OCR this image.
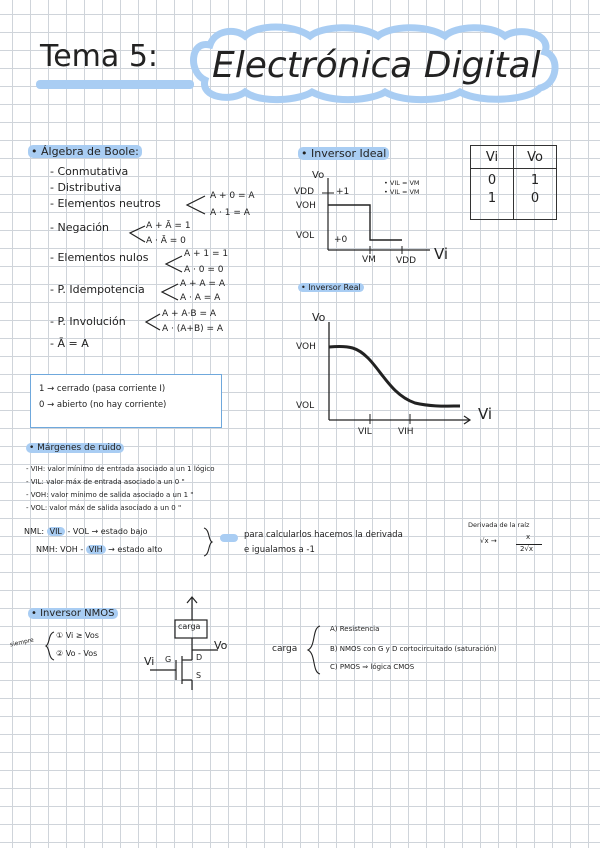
Tema 5: Electrónica Digital
• Álgebra de Boole:
- Conmutativa
- Distributiva
- Elementos neutros
- Negación
- Elementos nulos
- P. Idempotencia
- P. Involución
- Ā = A
A + 0 = A
A · 1 = A
A + Ā = 1
A · Ā = 0
A + 1 = 1
A · 0 = 0
A + A = A
A · A = A
A + A·B = A
A · (A+B) = A
1 → cerrado (pasa corriente I)
0 → abierto (no hay corriente)
• Inversor Ideal
Vo
VDD +1
VOH
VOL +0
VM VDD Vi
• VIL = VM
• VIL = VM
Vi	Vo
0	1
1	0
• Inversor Real
Vo
VOH
VOL
VIL	VIH
Vi
• Márgenes de ruido
- VIH: valor mínimo de entrada asociado a un 1 lógico
- VIL: valor máx de entrada asociado a un 0 "
- VOH: valor mínimo de salida asociado a un 1 "
- VOL: valor máx de salida asociado a un 0 "
NML: VIL - VOL → estado bajo
NMH: VOH - VIH → estado alto
para calcularlos hacemos la derivada
e igualamos a -1
Derivada de la raíz
√x →	x
2√x
• Inversor NMOS
siempre
① Vi ≥ Vos
② Vo - Vos
carga
Vo
Vi G	D
S
carga
A) Resistencia
B) NMOS con G y D cortocircuitado (saturación)
C) PMOS ⇒ lógica CMOS
